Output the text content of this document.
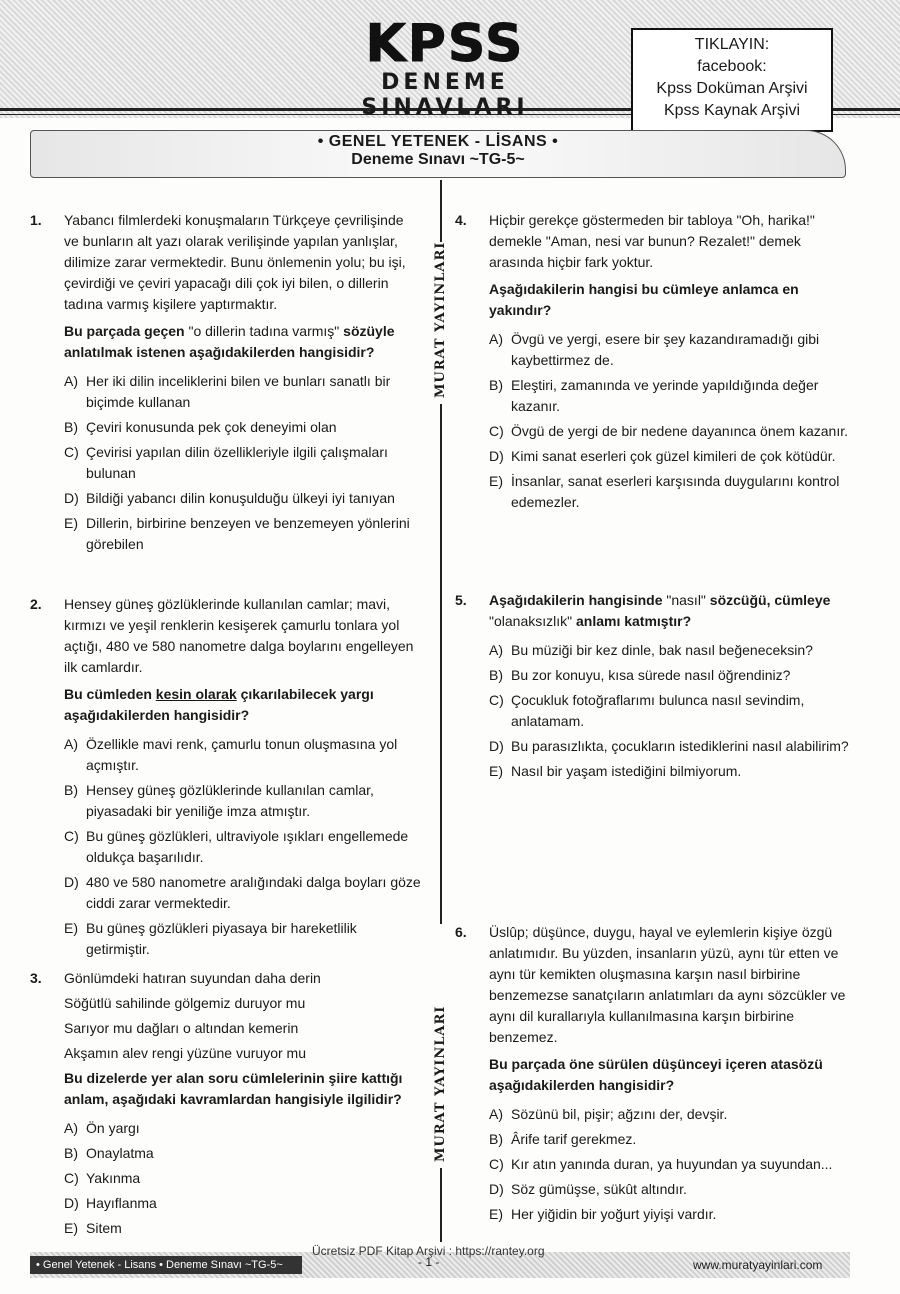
KPSS
DENEME SINAVLARI
TIKLAYIN:
facebook:
Kpss Doküman Arşivi
Kpss Kaynak Arşivi
• GENEL YETENEK - LİSANS •
Deneme Sınavı ~TG-5~
MURAT YAYINLARI
MURAT YAYINLARI
1. Yabancı filmlerdeki konuşmaların Türkçeye çevrilişinde ve bunların alt yazı olarak verilişinde yapılan yanlışlar, dilimize zarar vermektedir. Bunu önlemenin yolu; bu işi, çevirdiği ve çeviri yapacağı dili çok iyi bilen, o dillerin tadına varmış kişilere yaptırmaktır.

Bu parçada geçen "o dillerin tadına varmış" sözüyle anlatılmak istenen aşağıdakilerden hangisidir?

A) Her iki dilin inceliklerini bilen ve bunları sanatlı bir biçimde kullanan
B) Çeviri konusunda pek çok deneyimi olan
C) Çevirisi yapılan dilin özellikleriyle ilgili çalışmaları bulunan
D) Bildiği yabancı dilin konuşulduğu ülkeyi iyi tanıyan
E) Dillerin, birbirine benzeyen ve benzemeyen yönlerini görebilen
2. Hensey güneş gözlüklerinde kullanılan camlar; mavi, kırmızı ve yeşil renklerin kesişerek çamurlu tonlara yol açtığı, 480 ve 580 nanometre dalga boylarını engelleyen ilk camlardır.

Bu cümleden kesin olarak çıkarılabilecek yargı aşağıdakilerden hangisidir?

A) Özellikle mavi renk, çamurlu tonun oluşmasına yol açmıştır.
B) Hensey güneş gözlüklerinde kullanılan camlar, piyasadaki bir yeniliğe imza atmıştır.
C) Bu güneş gözlükleri, ultraviyole ışıkları engellemede oldukça başarılıdır.
D) 480 ve 580 nanometre aralığındaki dalga boyları göze ciddi zarar vermektedir.
E) Bu güneş gözlükleri piyasaya bir hareketlilik getirmiştir.
3. Gönlümdeki hatıran suyundan daha derin

Söğütlü sahilinde gölgemiz duruyor mu

Sarıyor mu dağları o altından kemerin

Akşamın alev rengi yüzüne vuruyor mu

Bu dizelerde yer alan soru cümlelerinin şiire kattığı anlam, aşağıdaki kavramlardan hangisiyle ilgilidir?

A) Ön yargı
B) Onaylatma
C) Yakınma
D) Hayıflanma
E) Sitem
4. Hiçbir gerekçe göstermeden bir tabloya "Oh, harika!" demekle "Aman, nesi var bunun? Rezalet!" demek arasında hiçbir fark yoktur.

Aşağıdakilerin hangisi bu cümleye anlamca en yakındır?

A) Övgü ve yergi, esere bir şey kazandıramadığı gibi kaybettirmez de.
B) Eleştiri, zamanında ve yerinde yapıldığında değer kazanır.
C) Övgü de yergi de bir nedene dayanınca önem kazanır.
D) Kimi sanat eserleri çok güzel kimileri de çok kötüdür.
E) İnsanlar, sanat eserleri karşısında duygularını kontrol edemezler.
5. Aşağıdakilerin hangisinde "nasıl" sözcüğü, cümleye "olanaksızlık" anlamı katmıştır?

A) Bu müziği bir kez dinle, bak nasıl beğeneceksin?
B) Bu zor konuyu, kısa sürede nasıl öğrendiniz?
C) Çocukluk fotoğraflarımı bulunca nasıl sevindim, anlatamam.
D) Bu parasızlıkta, çocukların istediklerini nasıl alabilirim?
E) Nasıl bir yaşam istediğini bilmiyorum.
6. Üslûp; düşünce, duygu, hayal ve eylemlerin kişiye özgü anlatımıdır. Bu yüzden, insanların yüzü, aynı tür etten ve aynı tür kemikten oluşmasına karşın nasıl birbirine benzemezse sanatçıların anlatımları da aynı sözcükler ve aynı dil kurallarıyla kullanılmasına karşın birbirine benzemez.

Bu parçada öne sürülen düşünceyi içeren atasözü aşağıdakilerden hangisidir?

A) Sözünü bil, pişir; ağzını der, devşir.
B) Ârife tarif gerekmez.
C) Kır atın yanında duran, ya huyundan ya suyundan...
D) Söz gümüşse, sükût altındır.
E) Her yiğidin bir yoğurt yiyişi vardır.
• Genel Yetenek - Lisans • Deneme Sınavı ~TG-5~
Ücretsiz PDF Kitap Arşivi : https://rantey.org
- 1 -	www.muratyayinlari.com
